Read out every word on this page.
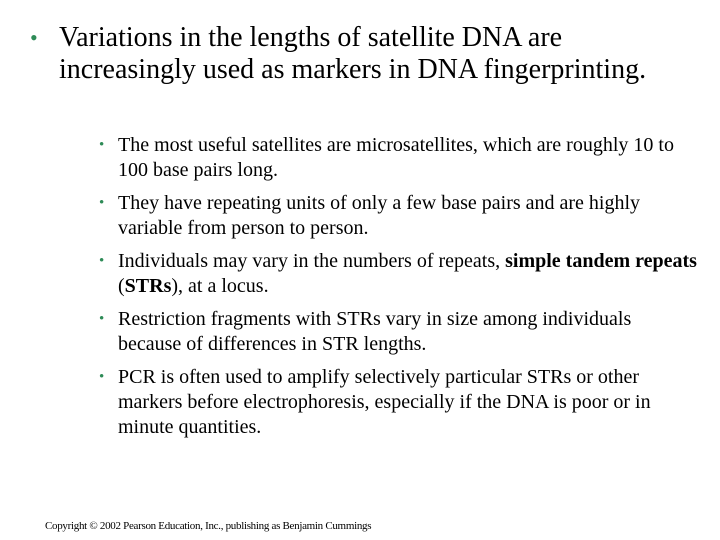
• Variations in the lengths of satellite DNA are increasingly used as markers in DNA fingerprinting.
• The most useful satellites are microsatellites, which are roughly 10 to 100 base pairs long.
• They have repeating units of only a few base pairs and are highly variable from person to person.
• Individuals may vary in the numbers of repeats, simple tandem repeats (STRs), at a locus.
• Restriction fragments with STRs vary in size among individuals because of differences in STR lengths.
• PCR is often used to amplify selectively particular STRs or other markers before electrophoresis, especially if the DNA is poor or in minute quantities.
Copyright © 2002 Pearson Education, Inc., publishing as Benjamin Cummings
